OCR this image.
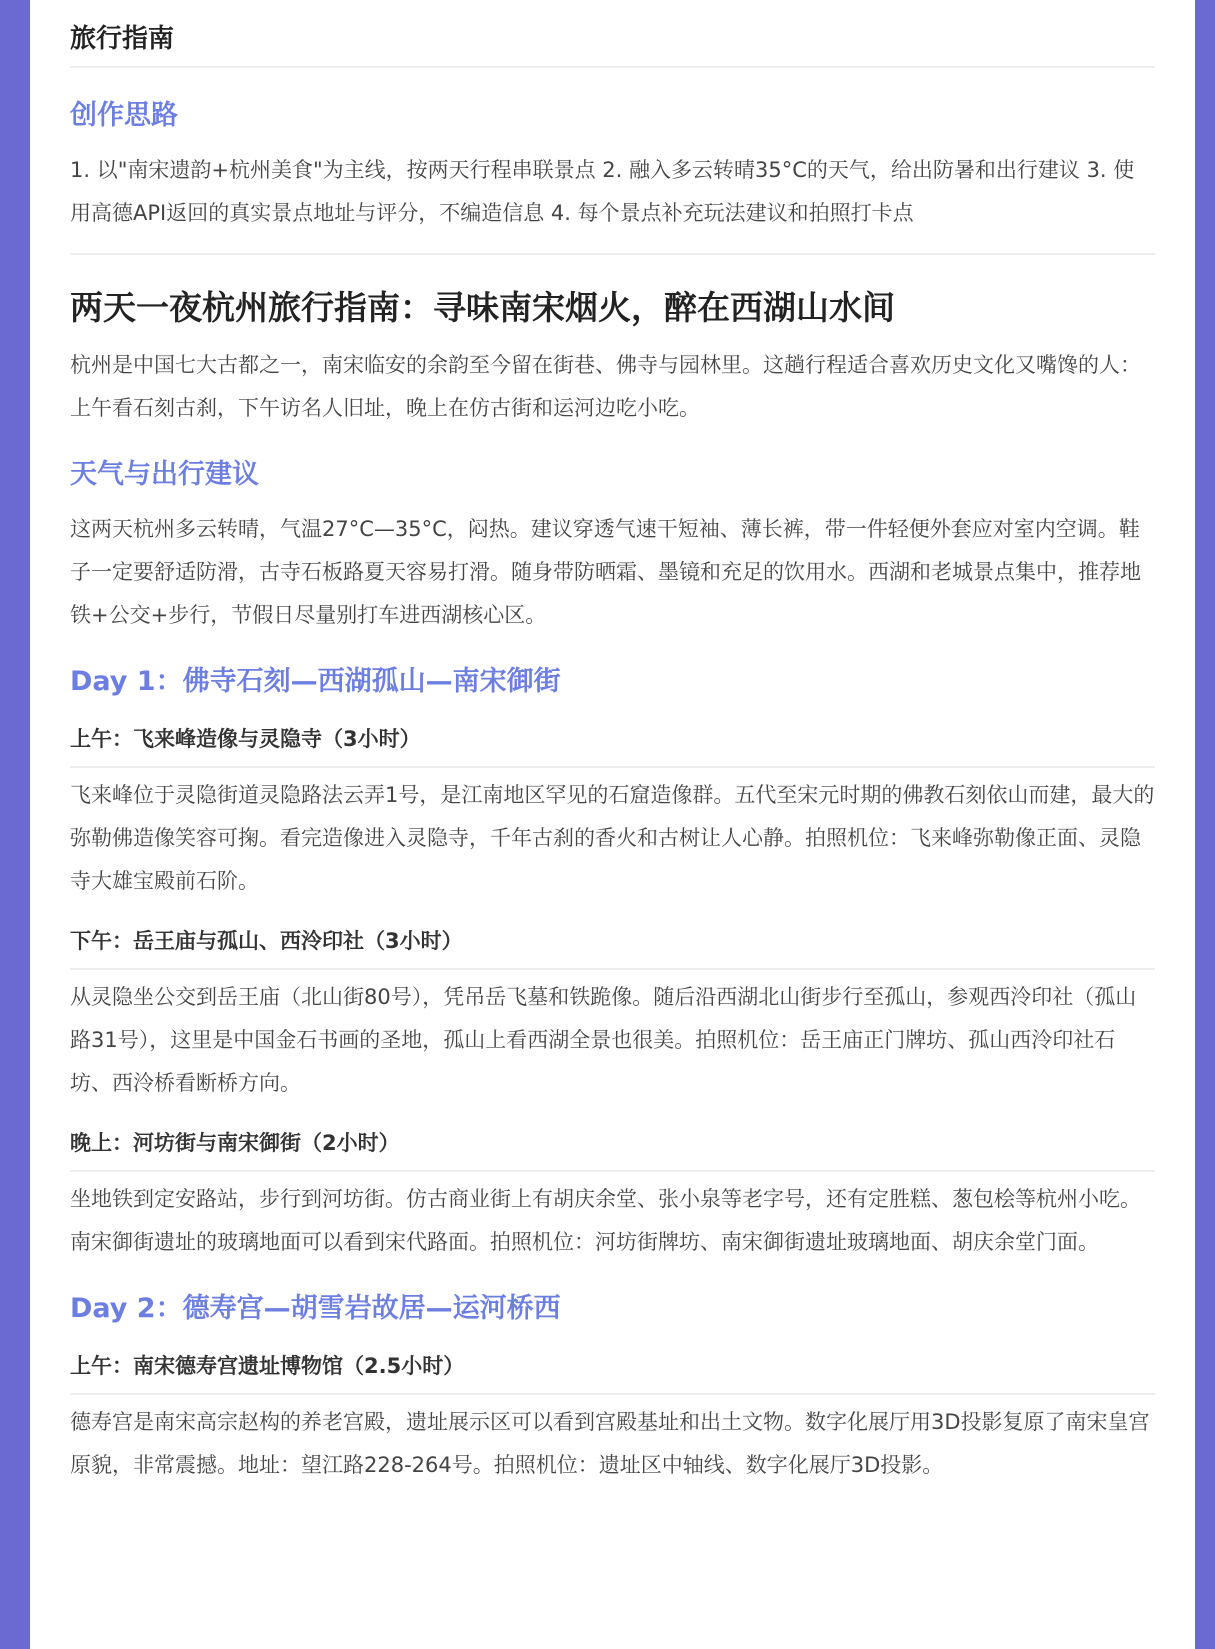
旅行指南
创作思路

1. 以"南宋遗韵+杭州美食"为主线，按两天行程串联景点 2. 融入多云转晴35°C的天气，给出防暑和出行建议 3. 使用高德API返回的真实景点地址与评分，不编造信息 4. 每个景点补充玩法建议和拍照打卡点

两天一夜杭州旅行指南：寻味南宋烟火，醉在西湖山水间

杭州是中国七大古都之一，南宋临安的余韵至今留在街巷、佛寺与园林里。这趟行程适合喜欢历史文化又嘴馋的人：上午看石刻古刹，下午访名人旧址，晚上在仿古街和运河边吃小吃。

天气与出行建议

这两天杭州多云转晴，气温27°C—35°C，闷热。建议穿透气速干短袖、薄长裤，带一件轻便外套应对室内空调。鞋子一定要舒适防滑，古寺石板路夏天容易打滑。随身带防晒霜、墨镜和充足的饮用水。西湖和老城景点集中，推荐地铁+公交+步行，节假日尽量别打车进西湖核心区。

Day 1：佛寺石刻—西湖孤山—南宋御街
上午：飞来峰造像与灵隐寺（3小时）

飞来峰位于灵隐街道灵隐路法云弄1号，是江南地区罕见的石窟造像群。五代至宋元时期的佛教石刻依山而建，最大的弥勒佛造像笑容可掬。看完造像进入灵隐寺，千年古刹的香火和古树让人心静。拍照机位：飞来峰弥勒像正面、灵隐寺大雄宝殿前石阶。

下午：岳王庙与孤山、西泠印社（3小时）

从灵隐坐公交到岳王庙（北山街80号），凭吊岳飞墓和铁跪像。随后沿西湖北山街步行至孤山，参观西泠印社（孤山路31号），这里是中国金石书画的圣地，孤山上看西湖全景也很美。拍照机位：岳王庙正门牌坊、孤山西泠印社石坊、西泠桥看断桥方向。

晚上：河坊街与南宋御街（2小时）

坐地铁到定安路站，步行到河坊街。仿古商业街上有胡庆余堂、张小泉等老字号，还有定胜糕、葱包桧等杭州小吃。南宋御街遗址的玻璃地面可以看到宋代路面。拍照机位：河坊街牌坊、南宋御街遗址玻璃地面、胡庆余堂门面。

Day 2：德寿宫—胡雪岩故居—运河桥西
上午：南宋德寿宫遗址博物馆（2.5小时）

德寿宫是南宋高宗赵构的养老宫殿，遗址展示区可以看到宫殿基址和出土文物。数字化展厅用3D投影复原了南宋皇宫原貌，非常震撼。地址：望江路228-264号。拍照机位：遗址区中轴线、数字化展厅3D投影。
